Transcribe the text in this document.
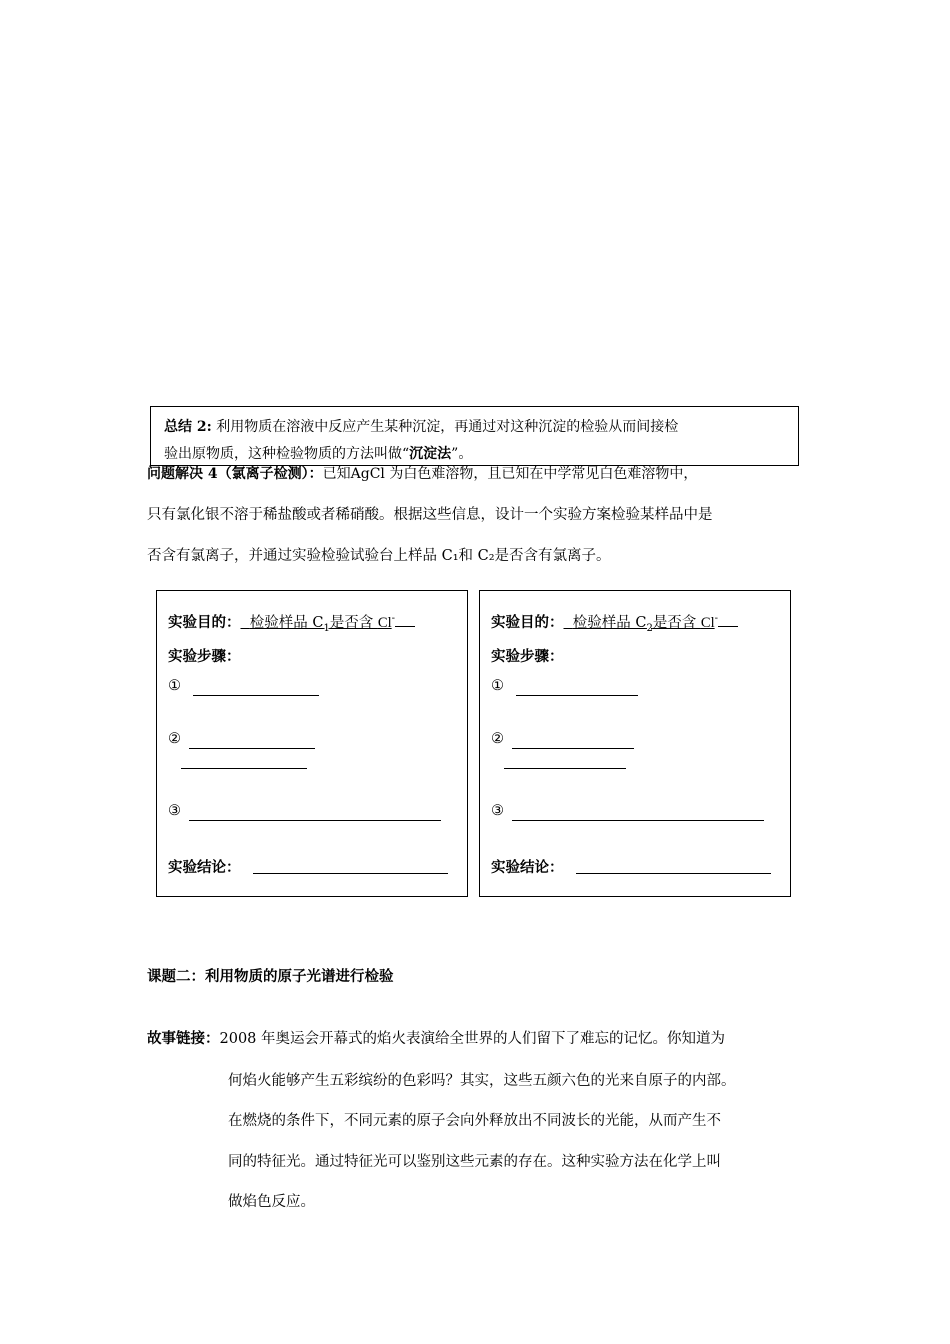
问题解决 4（氯离子检测）：已知AgCl 为白色难溶物，且已知在中学常见白色难溶物中，
总结 2: 利用物质在溶液中反应产生某种沉淀，再通过对这种沉淀的检验从而间接检
验出原物质，这种检验物质的方法叫做“沉淀法”。
只有氯化银不溶于稀盐酸或者稀硝酸。根据这些信息，设计一个实验方案检验某样品中是
否含有氯离子，并通过实验检验试验台上样品 C₁和 C₂是否含有氯离子。
实验目的： 检验样品 $C_1$是否含 Cl-
实验步骤：
①
②
③
实验结论：
实验目的： 检验样品 $C_2$是否含 Cl-
实验步骤：
①
②
③
实验结论：
课题二：利用物质的原子光谱进行检验
故事链接：2008 年奥运会开幕式的焰火表演给全世界的人们留下了难忘的记忆。你知道为
何焰火能够产生五彩缤纷的色彩吗？其实，这些五颜六色的光来自原子的内部。
在燃烧的条件下，不同元素的原子会向外释放出不同波长的光能，从而产生不
同的特征光。通过特征光可以鉴别这些元素的存在。这种实验方法在化学上叫
做焰色反应。
